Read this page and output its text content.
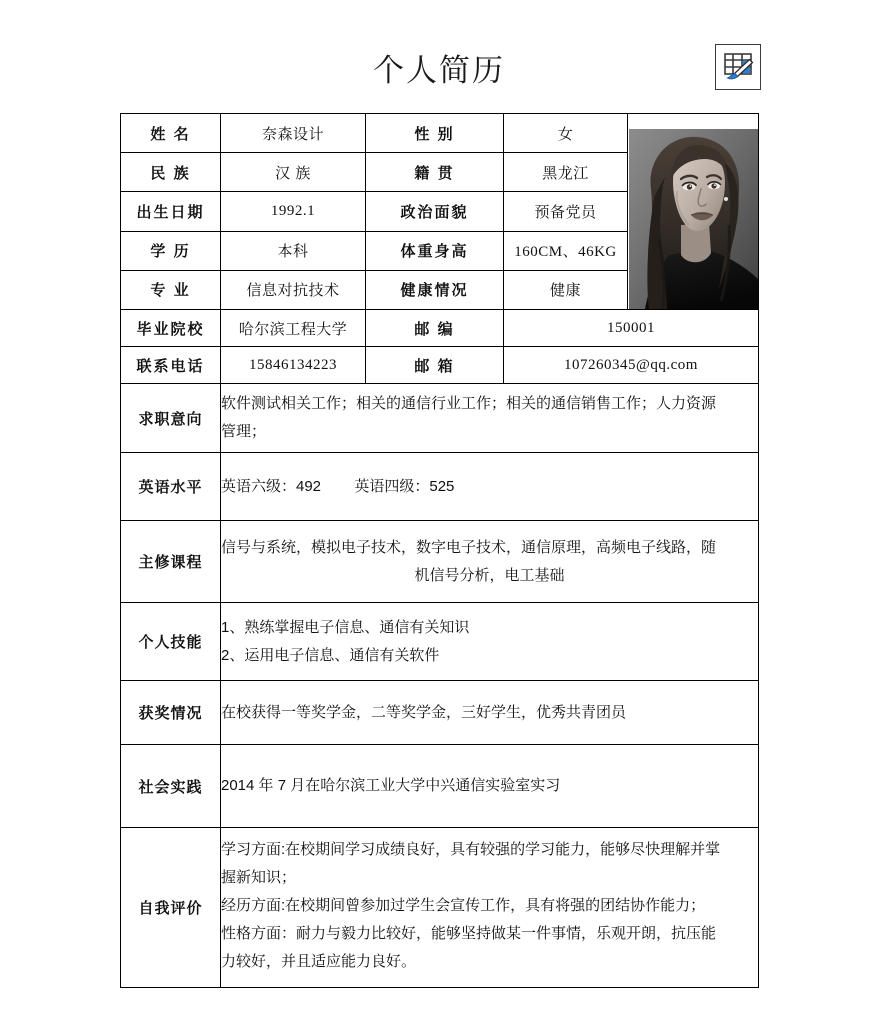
个人简历
姓 名	奈森设计	性 别	女	

民 族	汉 族	籍 贯	黑龙江	
出生日期	1992.1	政治面貌	预备党员	
学 历	本科	体重身高	160CM、46KG	
专 业	信息对抗技术	健康情况	健康	
毕业院校	哈尔滨工程大学	邮 编	150001	
联系电话	15846134223	邮 箱	107260345@qq.com	
求职意向	软件测试相关工作；相关的通信行业工作；相关的通信销售工作；人力资源
管理；			

英语水平	英语六级：492        英语四级：525			

主修课程	信号与系统，模拟电子技术，数字电子技术，通信原理，高频电子线路，随
机信号分析，电工基础			

个人技能	1、熟练掌握电子信息、通信有关知识
2、运用电子信息、通信有关软件			

获奖情况	在校获得一等奖学金，二等奖学金，三好学生，优秀共青团员			

社会实践	2014 年 7 月在哈尔滨工业大学中兴通信实验室实习			

自我评价	学习方面:在校期间学习成绩良好，具有较强的学习能力，能够尽快理解并掌
握新知识；
经历方面:在校期间曾参加过学生会宣传工作，具有将强的团结协作能力；
性格方面：耐力与毅力比较好，能够坚持做某一件事情，乐观开朗，抗压能
力较好，并且适应能力良好。			
